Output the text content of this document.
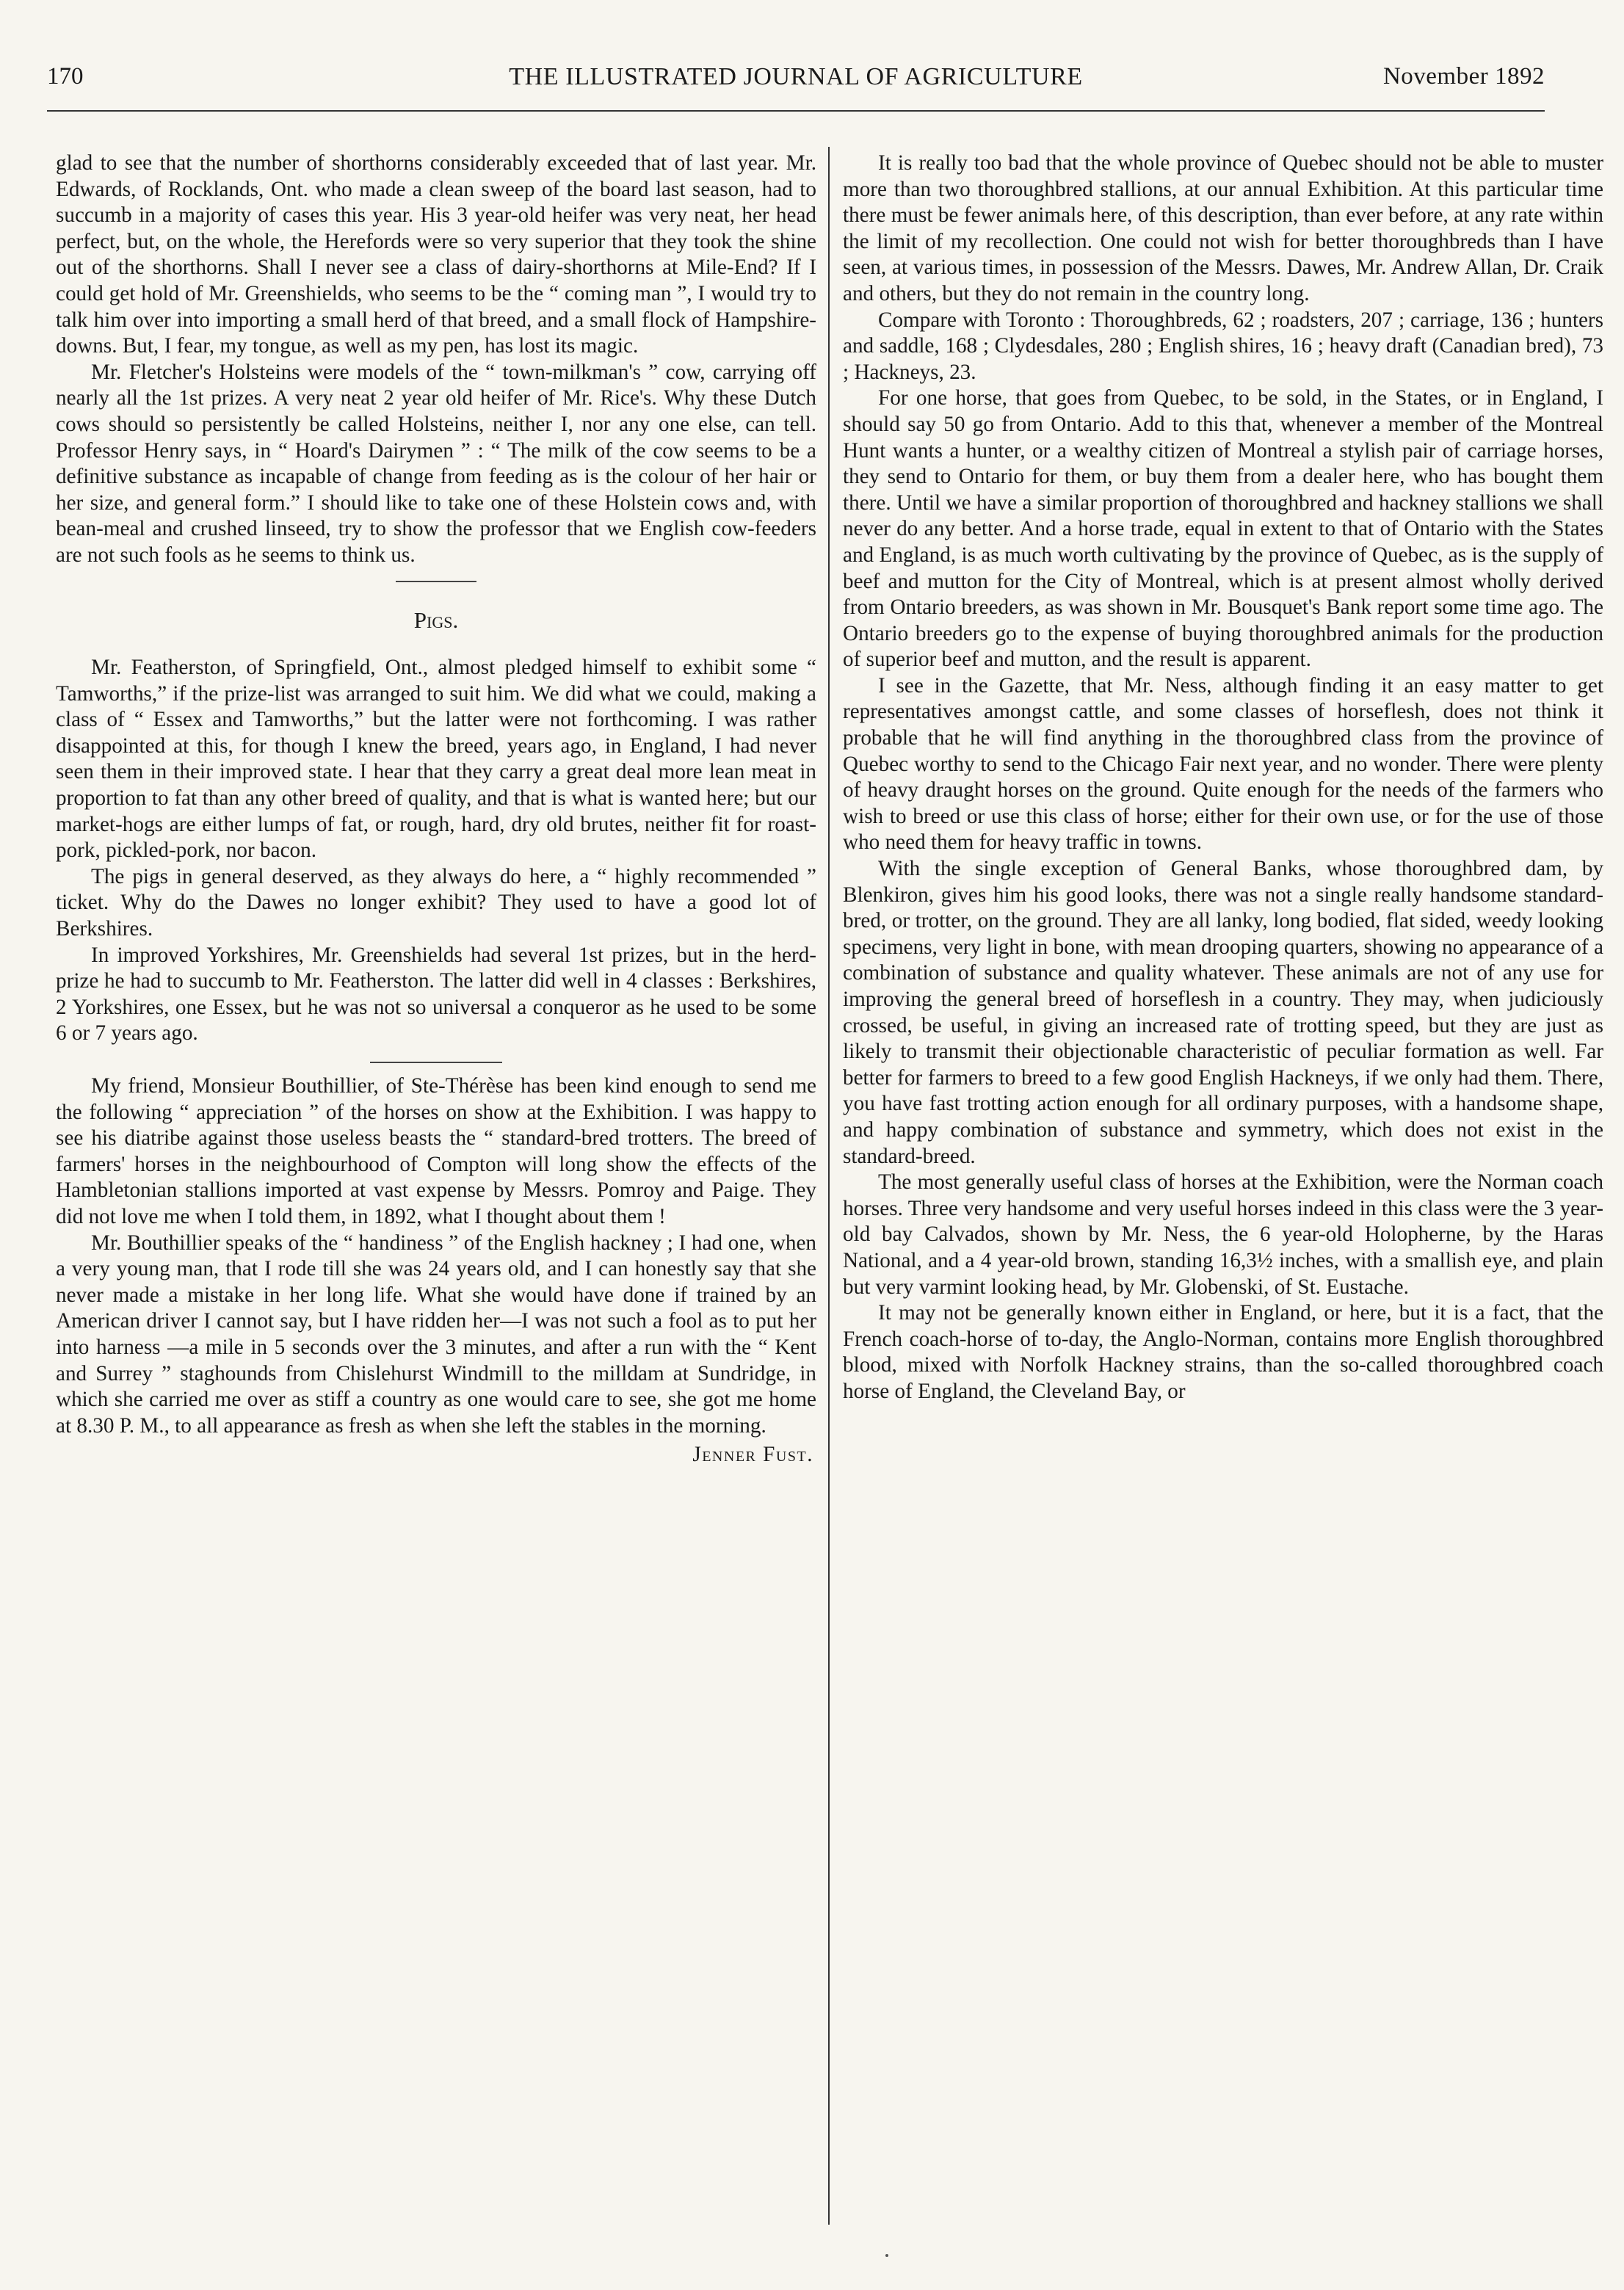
170	THE ILLUSTRATED JOURNAL OF AGRICULTURE	November 1892

glad to see that the number of shorthorns considerably exceeded that of last year. Mr. Edwards, of Rocklands, Ont. who made a clean sweep of the board last season, had to succumb in a majority of cases this year. His 3 year-old heifer was very neat, her head perfect, but, on the whole, the Herefords were so very superior that they took the shine out of the shorthorns. Shall I never see a class of dairy-shorthorns at Mile-End? If I could get hold of Mr. Greenshields, who seems to be the “ coming man ”, I would try to talk him over into importing a small herd of that breed, and a small flock of Hampshire-downs. But, I fear, my tongue, as well as my pen, has lost its magic.

Mr. Fletcher's Holsteins were models of the “ town-milkman's ” cow, carrying off nearly all the 1st prizes. A very neat 2 year old heifer of Mr. Rice's. Why these Dutch cows should so persistently be called Holsteins, neither I, nor any one else, can tell. Professor Henry says, in “ Hoard's Dairymen ” : “ The milk of the cow seems to be a definitive substance as incapable of change from feeding as is the colour of her hair or her size, and general form.” I should like to take one of these Holstein cows and, with bean-meal and crushed linseed, try to show the professor that we English cow-feeders are not such fools as he seems to think us.

Pigs.

Mr. Featherston, of Springfield, Ont., almost pledged himself to exhibit some “ Tamworths,” if the prize-list was arranged to suit him. We did what we could, making a class of “ Essex and Tamworths,” but the latter were not forthcoming. I was rather disappointed at this, for though I knew the breed, years ago, in England, I had never seen them in their improved state. I hear that they carry a great deal more lean meat in proportion to fat than any other breed of quality, and that is what is wanted here; but our market-hogs are either lumps of fat, or rough, hard, dry old brutes, neither fit for roast-pork, pickled-pork, nor bacon.

The pigs in general deserved, as they always do here, a “ highly recommended ” ticket. Why do the Dawes no longer exhibit? They used to have a good lot of Berkshires.

In improved Yorkshires, Mr. Greenshields had several 1st prizes, but in the herd-prize he had to succumb to Mr. Featherston. The latter did well in 4 classes : Berkshires, 2 Yorkshires, one Essex, but he was not so universal a conqueror as he used to be some 6 or 7 years ago.

My friend, Monsieur Bouthillier, of Ste-Thérèse has been kind enough to send me the following “ appreciation ” of the horses on show at the Exhibition. I was happy to see his diatribe against those useless beasts the “ standard-bred trotters. The breed of farmers' horses in the neighbourhood of Compton will long show the effects of the Hambletonian stallions imported at vast expense by Messrs. Pomroy and Paige. They did not love me when I told them, in 1892, what I thought about them !

Mr. Bouthillier speaks of the “ handiness ” of the English hackney ; I had one, when a very young man, that I rode till she was 24 years old, and I can honestly say that she never made a mistake in her long life. What she would have done if trained by an American driver I cannot say, but I have ridden her—I was not such a fool as to put her into harness —a mile in 5 seconds over the 3 minutes, and after a run with the “ Kent and Surrey ” staghounds from Chislehurst Windmill to the milldam at Sundridge, in which she carried me over as stiff a country as one would care to see, she got me home at 8.30 P. M., to all appearance as fresh as when she left the stables in the morning.

Jenner Fust.

It is really too bad that the whole province of Quebec should not be able to muster more than two thoroughbred stallions, at our annual Exhibition. At this particular time there must be fewer animals here, of this description, than ever before, at any rate within the limit of my recollection. One could not wish for better thoroughbreds than I have seen, at various times, in possession of the Messrs. Dawes, Mr. Andrew Allan, Dr. Craik and others, but they do not remain in the country long.

Compare with Toronto : Thoroughbreds, 62 ; roadsters, 207 ; carriage, 136 ; hunters and saddle, 168 ; Clydesdales, 280 ; English shires, 16 ; heavy draft (Canadian bred), 73 ; Hackneys, 23.

For one horse, that goes from Quebec, to be sold, in the States, or in England, I should say 50 go from Ontario. Add to this that, whenever a member of the Montreal Hunt wants a hunter, or a wealthy citizen of Montreal a stylish pair of carriage horses, they send to Ontario for them, or buy them from a dealer here, who has bought them there. Until we have a similar proportion of thoroughbred and hackney stallions we shall never do any better. And a horse trade, equal in extent to that of Ontario with the States and England, is as much worth cultivating by the province of Quebec, as is the supply of beef and mutton for the City of Montreal, which is at present almost wholly derived from Ontario breeders, as was shown in Mr. Bousquet's Bank report some time ago. The Ontario breeders go to the expense of buying thoroughbred animals for the production of superior beef and mutton, and the result is apparent.

I see in the Gazette, that Mr. Ness, although finding it an easy matter to get representatives amongst cattle, and some classes of horseflesh, does not think it probable that he will find anything in the thoroughbred class from the province of Quebec worthy to send to the Chicago Fair next year, and no wonder. There were plenty of heavy draught horses on the ground. Quite enough for the needs of the farmers who wish to breed or use this class of horse; either for their own use, or for the use of those who need them for heavy traffic in towns.

With the single exception of General Banks, whose thoroughbred dam, by Blenkiron, gives him his good looks, there was not a single really handsome standard-bred, or trotter, on the ground. They are all lanky, long bodied, flat sided, weedy looking specimens, very light in bone, with mean drooping quarters, showing no appearance of a combination of substance and quality whatever. These animals are not of any use for improving the general breed of horseflesh in a country. They may, when judiciously crossed, be useful, in giving an increased rate of trotting speed, but they are just as likely to transmit their objectionable characteristic of peculiar formation as well. Far better for farmers to breed to a few good English Hackneys, if we only had them. There, you have fast trotting action enough for all ordinary purposes, with a handsome shape, and happy combination of substance and symmetry, which does not exist in the standard-breed.

The most generally useful class of horses at the Exhibition, were the Norman coach horses. Three very handsome and very useful horses indeed in this class were the 3 year-old bay Calvados, shown by Mr. Ness, the 6 year-old Holopherne, by the Haras National, and a 4 year-old brown, standing 16,3½ inches, with a smallish eye, and plain but very varmint looking head, by Mr. Globenski, of St. Eustache.

It may not be generally known either in England, or here, but it is a fact, that the French coach-horse of to-day, the Anglo-Norman, contains more English thoroughbred blood, mixed with Norfolk Hackney strains, than the so-called thoroughbred coach horse of England, the Cleveland Bay, or
